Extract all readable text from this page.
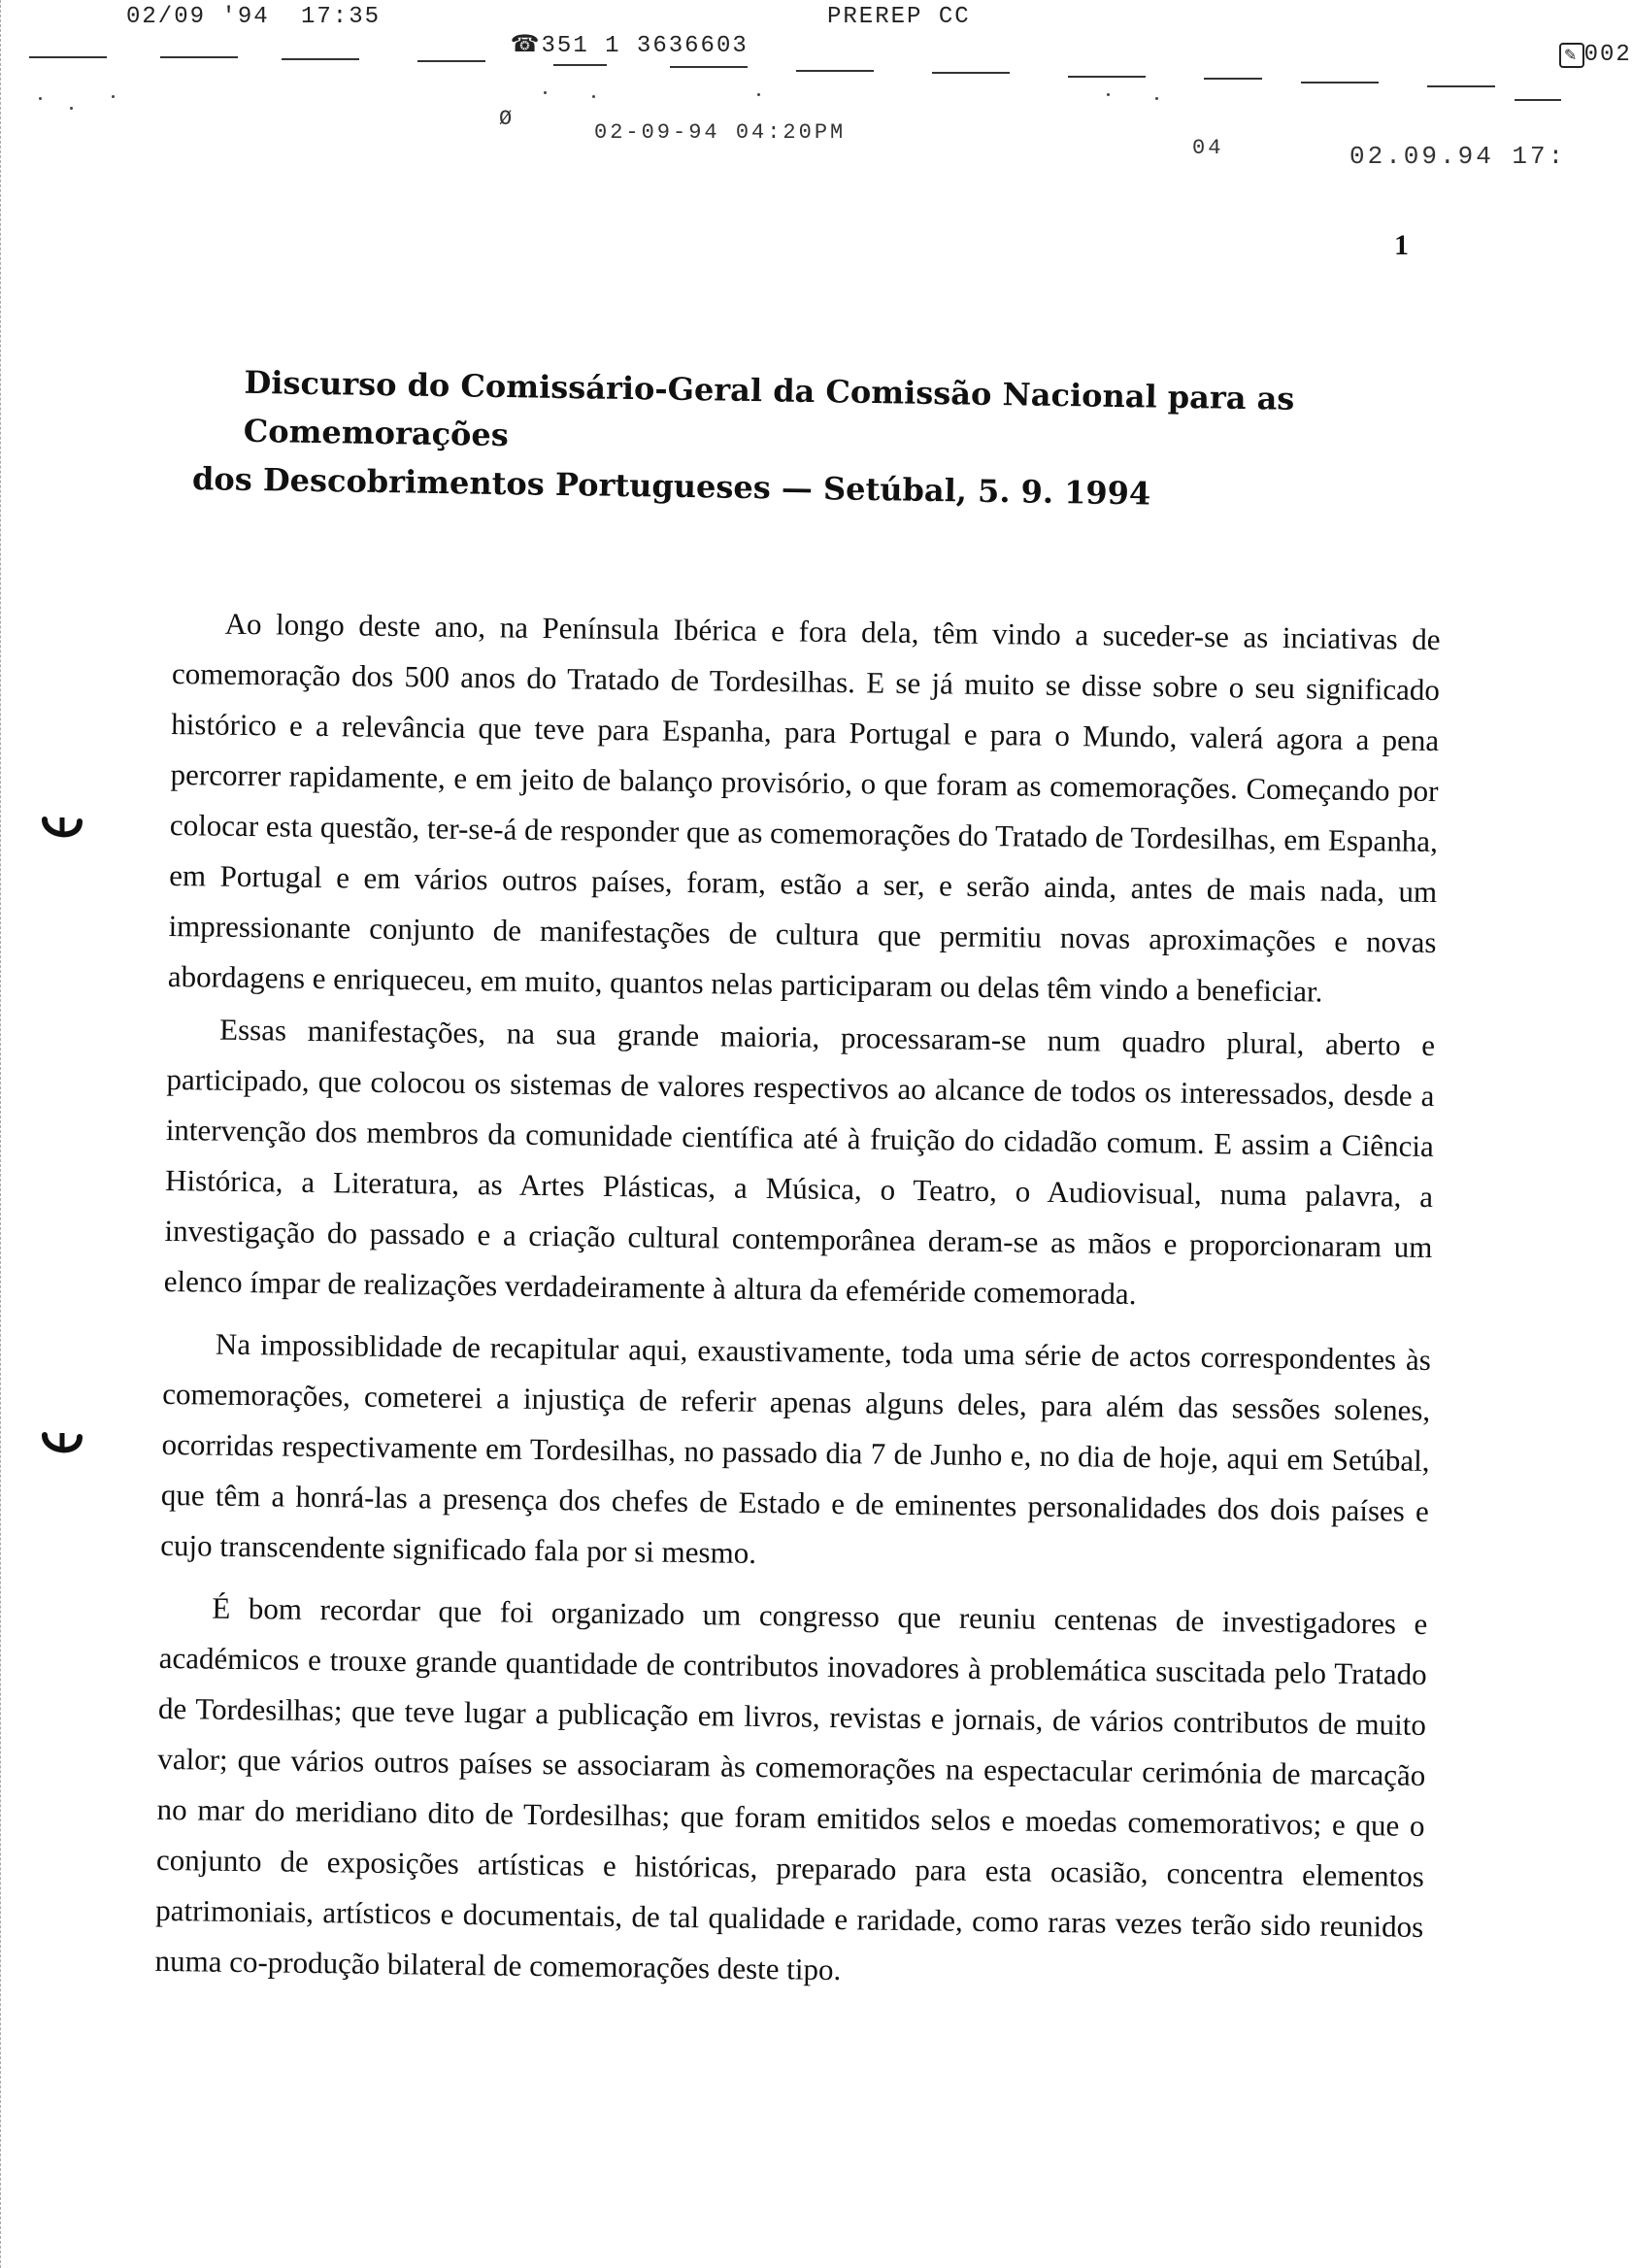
02/09 '94 17:35

☎351 1 3636603

PREREP CC

✎ 002

Ø
02-09-94 04:20PM
04	02.09.94 17:
1
Discurso do Comissário-Geral da Comissão Nacional para as Comemorações
dos Descobrimentos Portugueses — Setúbal, 5. 9. 1994

Ao longo deste ano, na Península Ibérica e fora dela, têm vindo a suceder-se as inciativas de comemoração dos 500 anos do Tratado de Tordesilhas. E se já muito se disse sobre o seu significado histórico e a relevância que teve para Espanha, para Portugal e para o Mundo, valerá agora a pena percorrer rapidamente, e em jeito de balanço provisório, o que foram as comemorações. Começando por colocar esta questão, ter-se-á de responder que as comemorações do Tratado de Tordesilhas, em Espanha, em Portugal e em vários outros países, foram, estão a ser, e serão ainda, antes de mais nada, um impressionante conjunto de manifestações de cultura que permitiu novas aproximações e novas abordagens e enriqueceu, em muito, quantos nelas participaram ou delas têm vindo a beneficiar.

Essas manifestações, na sua grande maioria, processaram-se num quadro plural, aberto e participado, que colocou os sistemas de valores respectivos ao alcance de todos os interessados, desde a intervenção dos membros da comunidade científica até à fruição do cidadão comum. E assim a Ciência Histórica, a Literatura, as Artes Plásticas, a Música, o Teatro, o Audiovisual, numa palavra, a investigação do passado e a criação cultural contemporânea deram-se as mãos e proporcionaram um elenco ímpar de realizações verdadeiramente à altura da efeméride comemorada.

Na impossiblidade de recapitular aqui, exaustivamente, toda uma série de actos correspondentes às comemorações, cometerei a injustiça de referir apenas alguns deles, para além das sessões solenes, ocorridas respectivamente em Tordesilhas, no passado dia 7 de Junho e, no dia de hoje, aqui em Setúbal, que têm a honrá-las a presença dos chefes de Estado e de eminentes personalidades dos dois países e cujo transcendente significado fala por si mesmo.

É bom recordar que foi organizado um congresso que reuniu centenas de investigadores e académicos e trouxe grande quantidade de contributos inovadores à problemática suscitada pelo Tratado de Tordesilhas; que teve lugar a publicação em livros, revistas e jornais, de vários contributos de muito valor; que vários outros países se associaram às comemorações na espectacular cerimónia de marcação no mar do meridiano dito de Tordesilhas; que foram emitidos selos e moedas comemorativos; e que o conjunto de exposições artísticas e históricas, preparado para esta ocasião, concentra elementos patrimoniais, artísticos e documentais, de tal qualidade e raridade, como raras vezes terão sido reunidos numa co-produção bilateral de comemorações deste tipo.
